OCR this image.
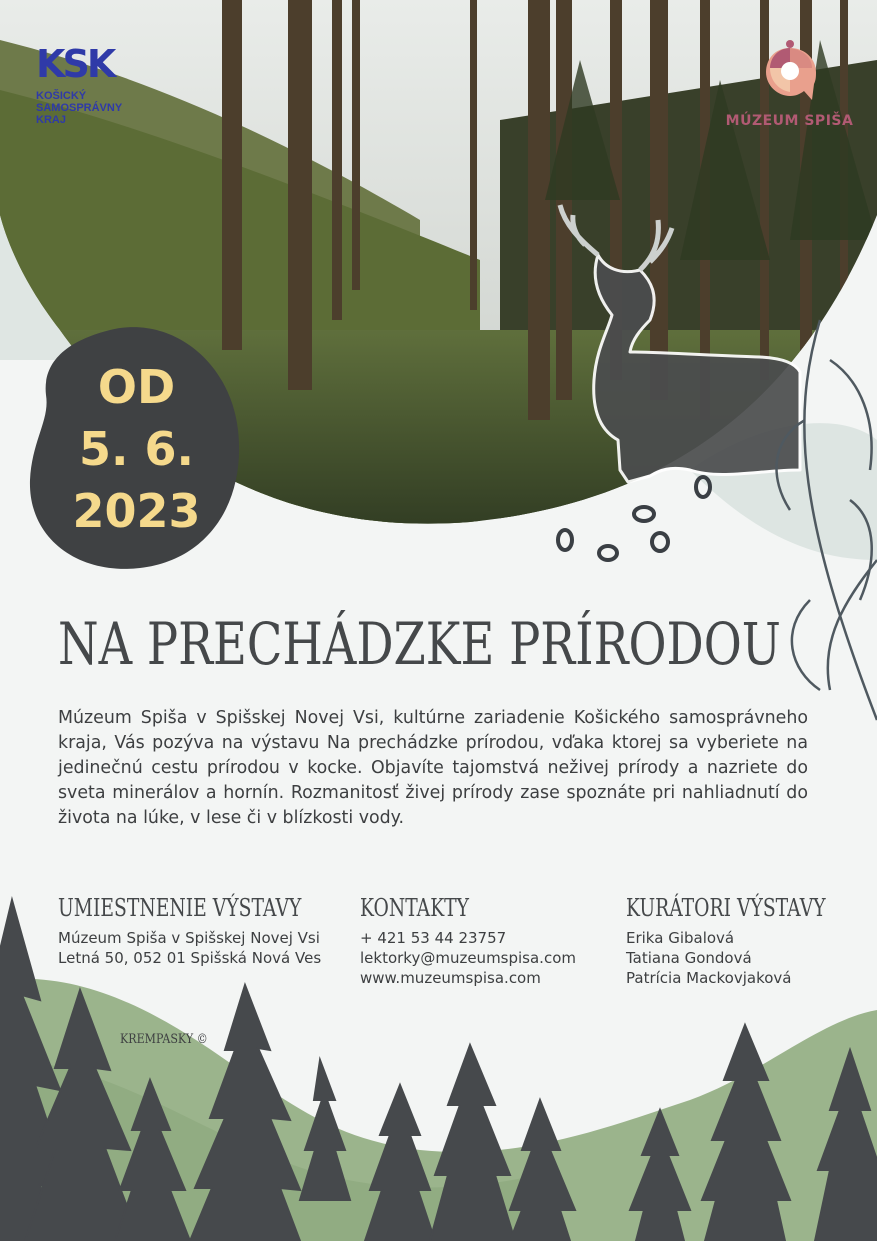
KSK
KOŠICKÝ
SAMOSPRÁVNY
KRAJ	MÚZEUM SPIŠA
OD
5. 6.
2023
NA PRECHÁDZKE PRÍRODOU

Múzeum Spiša v Spišskej Novej Vsi, kultúrne zariadenie Košického samosprávneho kraja, Vás pozýva na výstavu Na prechádzke prírodou, vďaka ktorej sa vyberiete na jedinečnú cestu prírodou v kocke. Objavíte tajomstvá neživej prírody a nazriete do sveta minerálov a hornín. Rozmanitosť živej prírody zase spoznáte pri nahliadnutí do života na lúke, v lese či v blízkosti vody.

UMIESTNENIE VÝSTAVY
Múzeum Spiša v Spišskej Novej Vsi
Letná 50, 052 01 Spišská Nová Ves
KONTAKTY
+ 421 53 44 23757
lektorky@muzeumspisa.com
www.muzeumspisa.com
KURÁTORI VÝSTAVY
Erika Gibalová
Tatiana Gondová
Patrícia Mackovjaková
KREMPASKY ©
